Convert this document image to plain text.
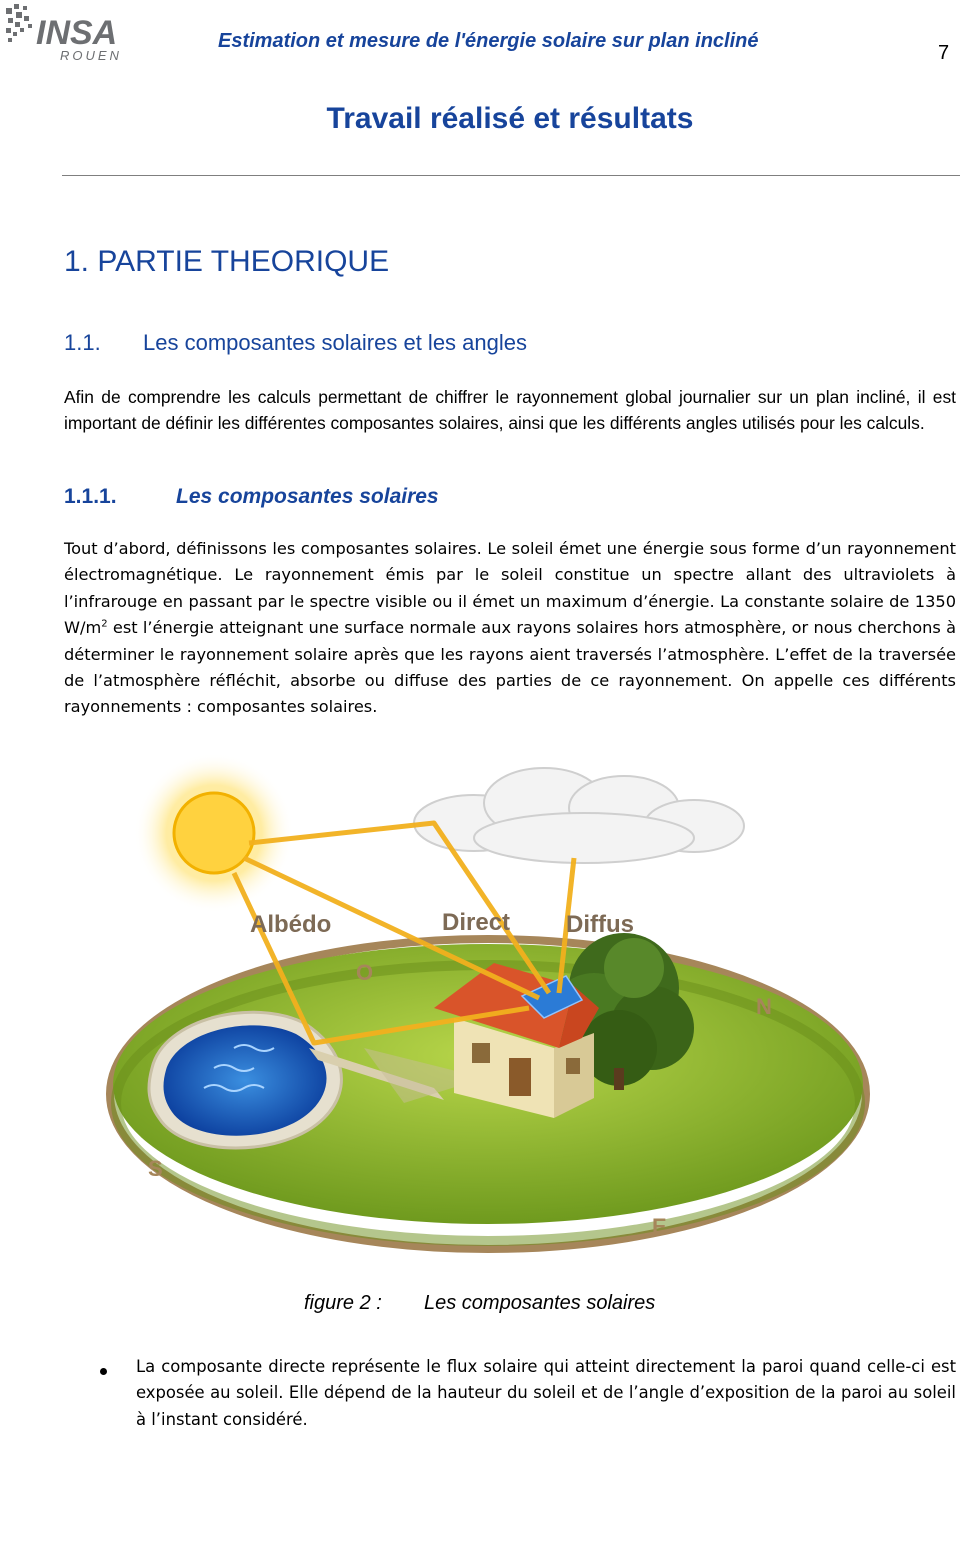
INSA
ROUEN
Estimation et mesure de l'énergie solaire sur plan incliné
7
Travail réalisé et résultats
1. PARTIE THEORIQUE
1.1. Les composantes solaires et les angles
Afin de comprendre les calculs permettant de chiffrer le rayonnement global journalier sur un plan incliné, il est important de définir les différentes composantes solaires, ainsi que les différents angles utilisés pour les calculs.
1.1.1.	Les composantes solaires
Tout d’abord, définissons les composantes solaires. Le soleil émet une énergie sous forme d’un rayonnement électromagnétique. Le rayonnement émis par le soleil constitue un spectre allant des ultraviolets à l’infrarouge en passant par le spectre visible ou il émet un maximum d’énergie. La constante solaire de 1350 $W/m^2$ est l’énergie atteignant une surface normale aux rayons solaires hors atmosphère, or nous cherchons à déterminer le rayonnement solaire après que les rayons aient traversés l’atmosphère. L’effet de la traversée de l’atmosphère réfléchit, absorbe ou diffuse des parties de ce rayonnement. On appelle ces différents rayonnements : composantes solaires.
Albédo	Direct Diffus
O
N
S
E
figure 2 : Les composantes solaires
La composante directe représente le flux solaire qui atteint directement la paroi quand celle-ci est exposée au soleil. Elle dépend de la hauteur du soleil et de l’angle d’exposition de la paroi au soleil à l’instant considéré.
